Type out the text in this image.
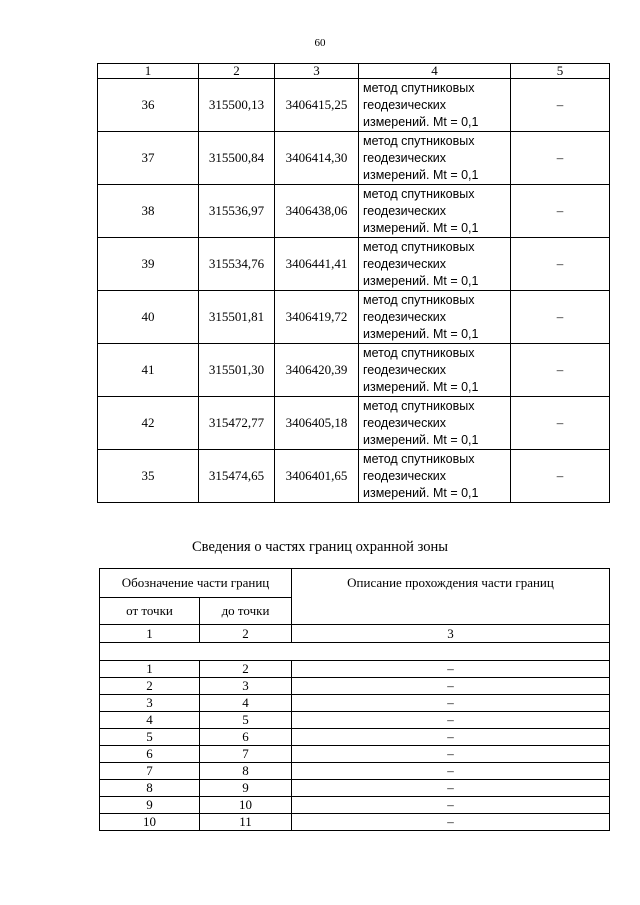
60
1	2	3	4	5
36	315500,13	3406415,25	метод спутниковых
геодезических
измерений. Mt = 0,1	–
37	315500,84	3406414,30	метод спутниковых
геодезических
измерений. Mt = 0,1	–
38	315536,97	3406438,06	метод спутниковых
геодезических
измерений. Mt = 0,1	–
39	315534,76	3406441,41	метод спутниковых
геодезических
измерений. Mt = 0,1	–
40	315501,81	3406419,72	метод спутниковых
геодезических
измерений. Mt = 0,1	–
41	315501,30	3406420,39	метод спутниковых
геодезических
измерений. Mt = 0,1	–
42	315472,77	3406405,18	метод спутниковых
геодезических
измерений. Mt = 0,1	–
35	315474,65	3406401,65	метод спутниковых
геодезических
измерений. Mt = 0,1	–
Сведения о частях границ охранной зоны
Обозначение части границ		Описание прохождения части границ
от точки	до точки	
1	2	3

1	2	–
2	3	–
3	4	–
4	5	–
5	6	–
6	7	–
7	8	–
8	9	–
9	10	–
10	11	–
